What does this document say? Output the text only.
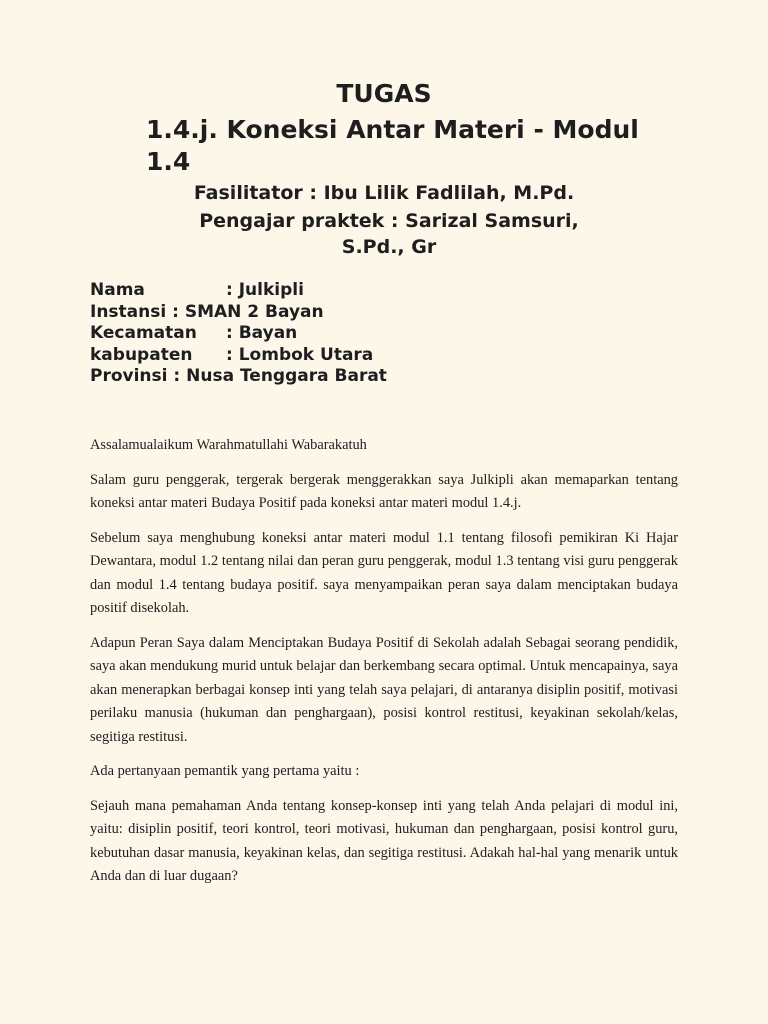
TUGAS
1.4.j. Koneksi Antar Materi - Modul 1.4
Fasilitator : Ibu Lilik Fadlilah, M.Pd.
Pengajar praktek : Sarizal Samsuri, S.Pd., Gr
Nama	: Julkipli
Instansi : SMAN 2 Bayan
Kecamatan	: Bayan
kabupaten	: Lombok Utara
Provinsi : Nusa Tenggara Barat

Assalamualaikum Warahmatullahi Wabarakatuh

Salam guru penggerak, tergerak bergerak menggerakkan saya Julkipli akan memaparkan tentang koneksi antar materi Budaya Positif pada koneksi antar materi modul 1.4.j.

Sebelum saya menghubung koneksi antar materi modul 1.1 tentang filosofi pemikiran Ki Hajar Dewantara, modul 1.2 tentang nilai dan peran guru penggerak, modul 1.3 tentang visi guru penggerak dan modul 1.4 tentang budaya positif. saya menyampaikan peran saya dalam menciptakan budaya positif disekolah.

Adapun Peran Saya dalam Menciptakan Budaya Positif di Sekolah adalah Sebagai seorang pendidik, saya akan mendukung murid untuk belajar dan berkembang secara optimal. Untuk mencapainya, saya akan menerapkan berbagai konsep inti yang telah saya pelajari, di antaranya disiplin positif, motivasi perilaku manusia (hukuman dan penghargaan), posisi kontrol restitusi, keyakinan sekolah/kelas, segitiga restitusi.

Ada pertanyaan pemantik yang pertama yaitu :

Sejauh mana pemahaman Anda tentang konsep-konsep inti yang telah Anda pelajari di modul ini, yaitu: disiplin positif, teori kontrol, teori motivasi, hukuman dan penghargaan, posisi kontrol guru, kebutuhan dasar manusia, keyakinan kelas, dan segitiga restitusi. Adakah hal-hal yang menarik untuk Anda dan di luar dugaan?
